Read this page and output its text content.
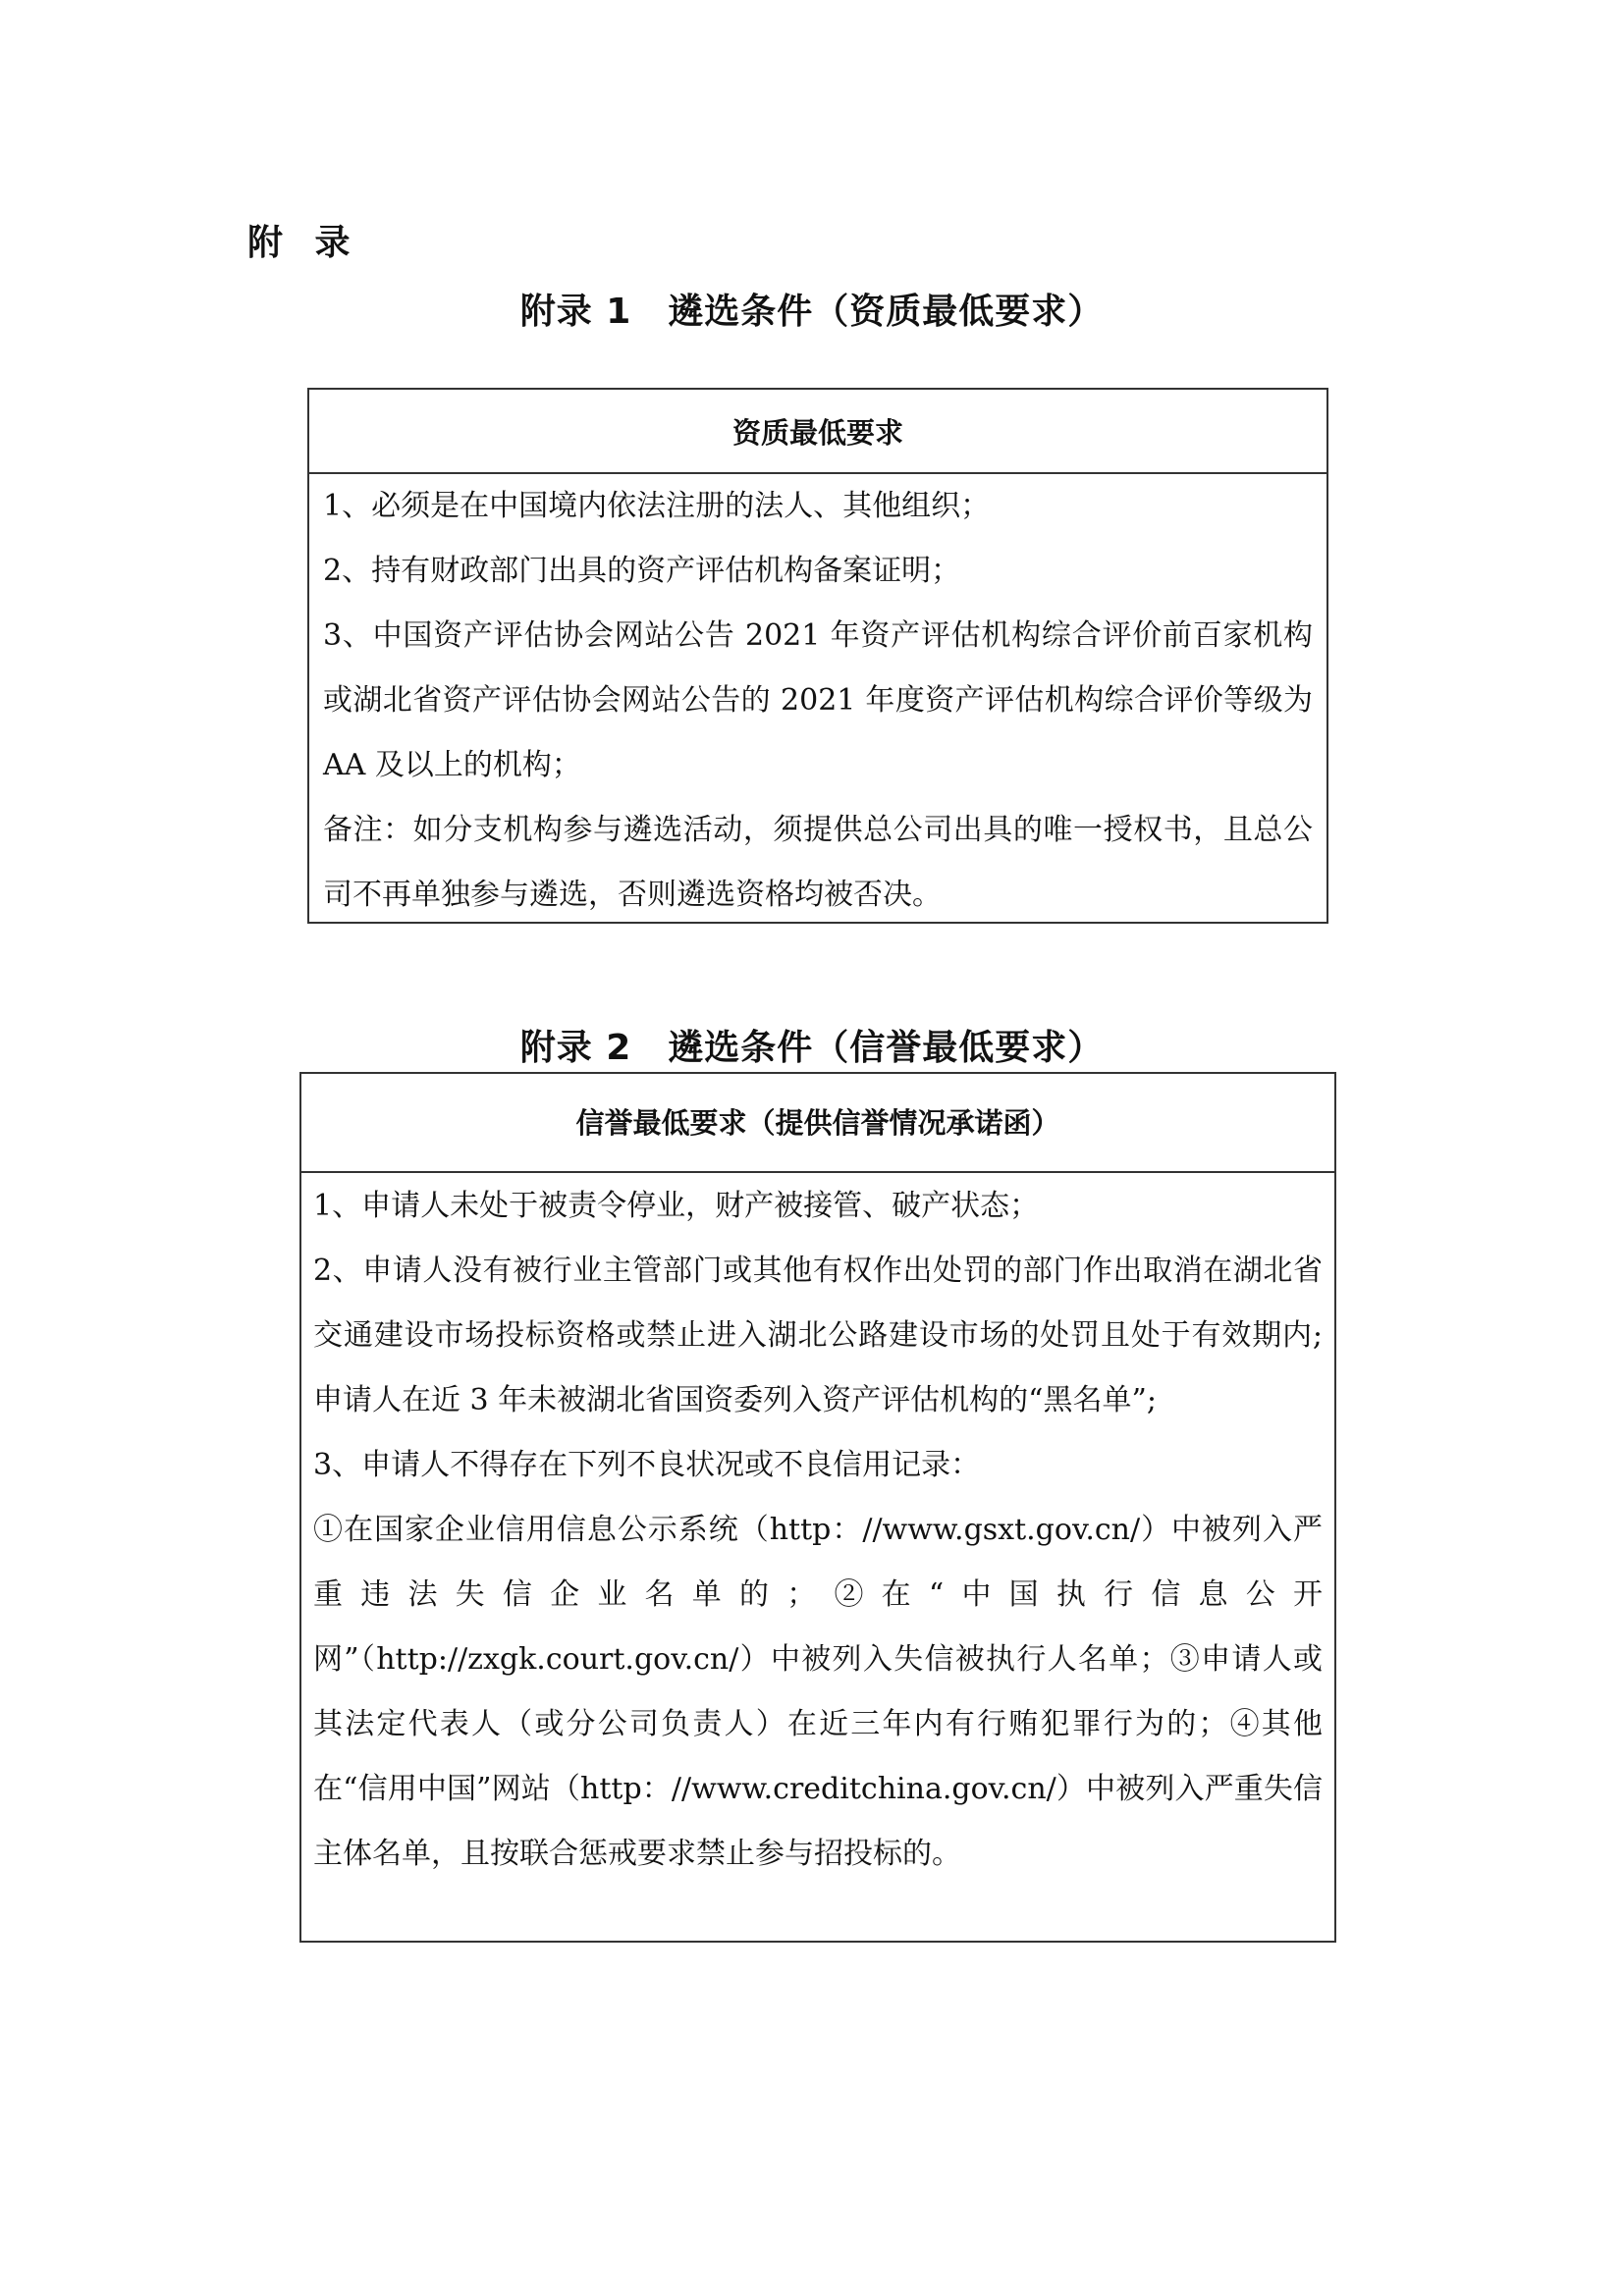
附 录
附录 1　遴选条件（资质最低要求）
资质最低要求

1、必须是在中国境内依法注册的法人、其他组织；

2、持有财政部门出具的资产评估机构备案证明；

3、中国资产评估协会网站公告 2021 年资产评估机构综合评价前百家机构或湖北省资产评估协会网站公告的 2021 年度资产评估机构综合评价等级为 AA 及以上的机构；

备注：如分支机构参与遴选活动，须提供总公司出具的唯一授权书，且总公司不再单独参与遴选，否则遴选资格均被否决。

附录 2　遴选条件（信誉最低要求）
信誉最低要求（提供信誉情况承诺函）

1、申请人未处于被责令停业，财产被接管、破产状态；

2、申请人没有被行业主管部门或其他有权作出处罚的部门作出取消在湖北省交通建设市场投标资格或禁止进入湖北公路建设市场的处罚且处于有效期内;申请人在近 3 年未被湖北省国资委列入资产评估机构的“黑名单”;

3、申请人不得存在下列不良状况或不良信用记录：

①在国家企业信用信息公示系统（http：//www.gsxt.gov.cn/）中被列入严重违法失信企业名单的；②在“中国执行信息公开网”（http://zxgk.court.gov.cn/）中被列入失信被执行人名单；③申请人或其法定代表人（或分公司负责人）在近三年内有行贿犯罪行为的；④其他在“信用中国”网站（http：//www.creditchina.gov.cn/）中被列入严重失信主体名单，且按联合惩戒要求禁止参与招投标的。
